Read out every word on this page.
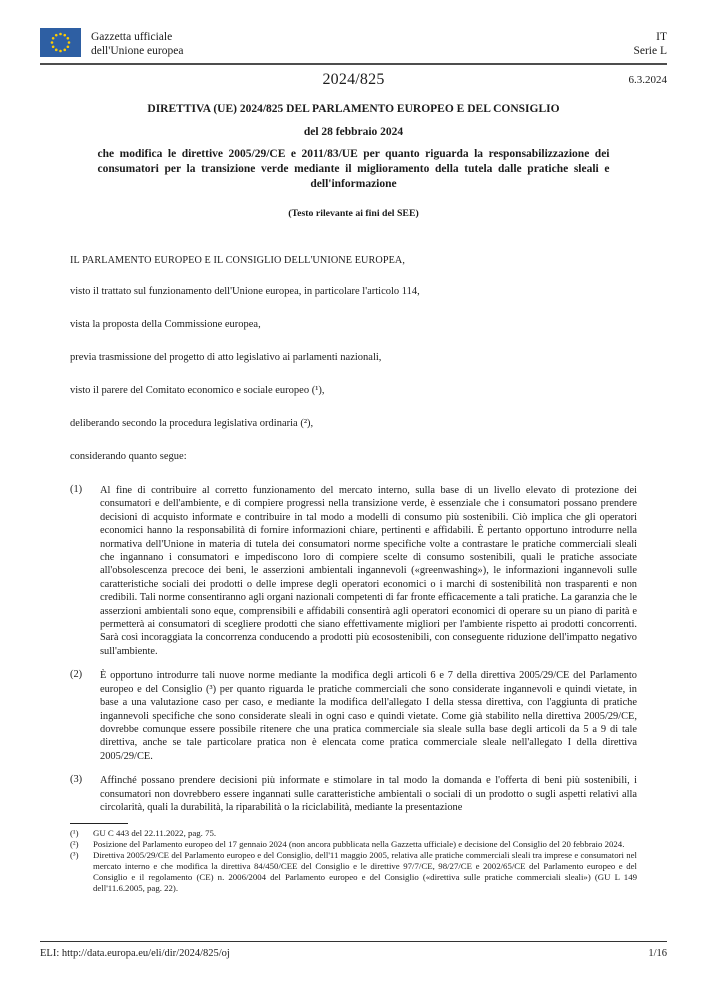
Gazzetta ufficiale
dell'Unione europea
IT
Serie L
2024/825	6.3.2024
DIRETTIVA (UE) 2024/825 DEL PARLAMENTO EUROPEO E DEL CONSIGLIO
del 28 febbraio 2024
che modifica le direttive 2005/29/CE e 2011/83/UE per quanto riguarda la responsabilizzazione dei consumatori per la transizione verde mediante il miglioramento della tutela dalle pratiche sleali e dell'informazione
(Testo rilevante ai fini del SEE)

IL PARLAMENTO EUROPEO E IL CONSIGLIO DELL'UNIONE EUROPEA,

visto il trattato sul funzionamento dell'Unione europea, in particolare l'articolo 114,

vista la proposta della Commissione europea,

previa trasmissione del progetto di atto legislativo ai parlamenti nazionali,

visto il parere del Comitato economico e sociale europeo (¹),

deliberando secondo la procedura legislativa ordinaria (²),

considerando quanto segue:

(1) Al fine di contribuire al corretto funzionamento del mercato interno, sulla base di un livello elevato di protezione dei consumatori e dell'ambiente, e di compiere progressi nella transizione verde, è essenziale che i consumatori possano prendere decisioni di acquisto informate e contribuire in tal modo a modelli di consumo più sostenibili. Ciò implica che gli operatori economici hanno la responsabilità di fornire informazioni chiare, pertinenti e affidabili. È pertanto opportuno introdurre nella normativa dell'Unione in materia di tutela dei consumatori norme specifiche volte a contrastare le pratiche commerciali sleali che ingannano i consumatori e impediscono loro di compiere scelte di consumo sostenibili, quali le pratiche associate all'obsolescenza precoce dei beni, le asserzioni ambientali ingannevoli («greenwashing»), le informazioni ingannevoli sulle caratteristiche sociali dei prodotti o delle imprese degli operatori economici o i marchi di sostenibilità non trasparenti e non credibili. Tali norme consentiranno agli organi nazionali competenti di far fronte efficacemente a tali pratiche. La garanzia che le asserzioni ambientali sono eque, comprensibili e affidabili consentirà agli operatori economici di operare su un piano di parità e permetterà ai consumatori di scegliere prodotti che siano effettivamente migliori per l'ambiente rispetto ai prodotti concorrenti. Sarà così incoraggiata la concorrenza conducendo a prodotti più ecosostenibili, con conseguente riduzione dell'impatto negativo sull'ambiente.
(2) È opportuno introdurre tali nuove norme mediante la modifica degli articoli 6 e 7 della direttiva 2005/29/CE del Parlamento europeo e del Consiglio (³) per quanto riguarda le pratiche commerciali che sono considerate ingannevoli e quindi vietate, in base a una valutazione caso per caso, e mediante la modifica dell'allegato I della stessa direttiva, con l'aggiunta di pratiche ingannevoli specifiche che sono considerate sleali in ogni caso e quindi vietate. Come già stabilito nella direttiva 2005/29/CE, dovrebbe comunque essere possibile ritenere che una pratica commerciale sia sleale sulla base degli articoli da 5 a 9 di tale direttiva, anche se tale particolare pratica non è elencata come pratica commerciale sleale nell'allegato I della direttiva 2005/29/CE.
(3) Affinché possano prendere decisioni più informate e stimolare in tal modo la domanda e l'offerta di beni più sostenibili, i consumatori non dovrebbero essere ingannati sulle caratteristiche ambientali o sociali di un prodotto o sugli aspetti relativi alla circolarità, quali la durabilità, la riparabilità o la riciclabilità, mediante la presentazione
(¹) GU C 443 del 22.11.2022, pag. 75.
(²) Posizione del Parlamento europeo del 17 gennaio 2024 (non ancora pubblicata nella Gazzetta ufficiale) e decisione del Consiglio del 20 febbraio 2024.
(³) Direttiva 2005/29/CE del Parlamento europeo e del Consiglio, dell'11 maggio 2005, relativa alle pratiche commerciali sleali tra imprese e consumatori nel mercato interno e che modifica la direttiva 84/450/CEE del Consiglio e le direttive 97/7/CE, 98/27/CE e 2002/65/CE del Parlamento europeo e del Consiglio e il regolamento (CE) n. 2006/2004 del Parlamento europeo e del Consiglio («direttiva sulle pratiche commerciali sleali») (GU L 149 dell'11.6.2005, pag. 22).
ELI: http://data.europa.eu/eli/dir/2024/825/oj	1/16
